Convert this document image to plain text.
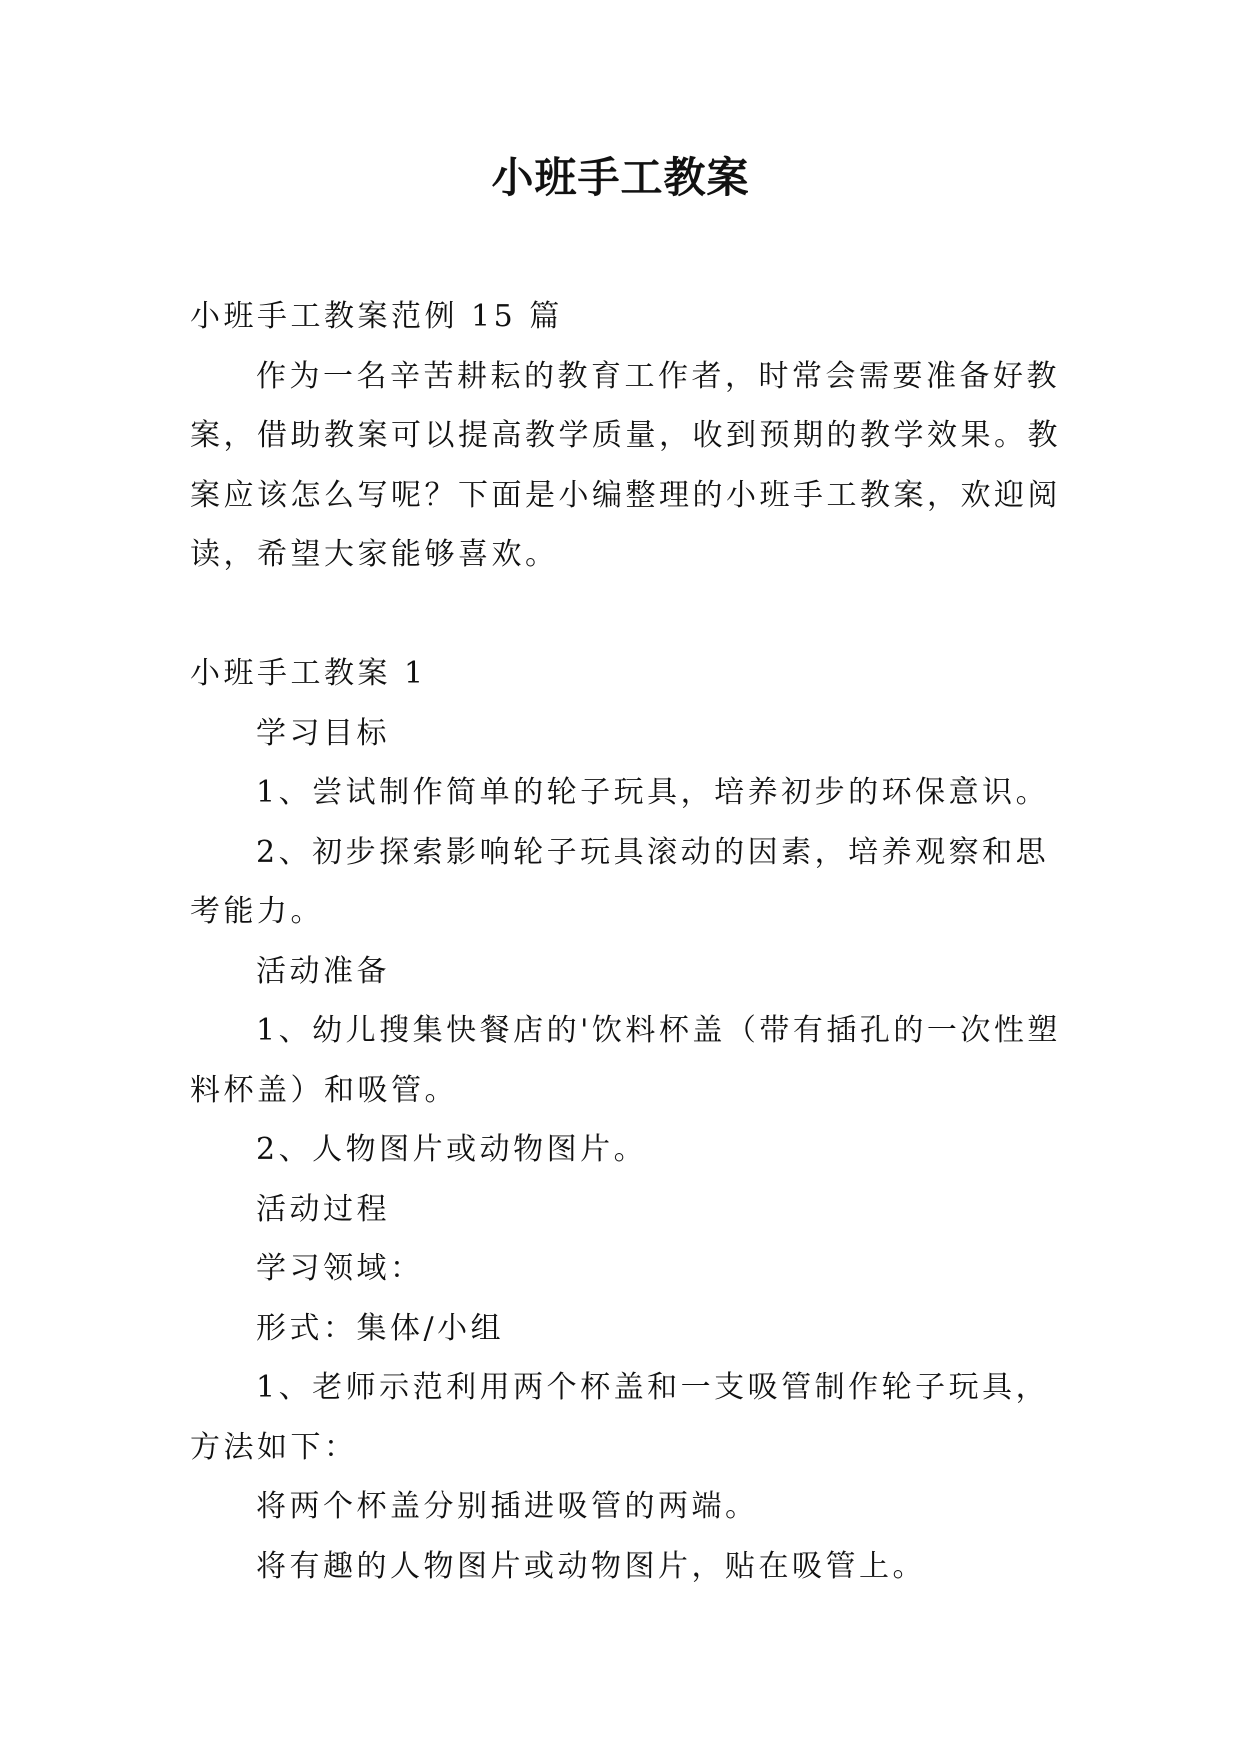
小班手工教案

小班手工教案范例 15 篇

作为一名辛苦耕耘的教育工作者，时常会需要准备好教

案，借助教案可以提高教学质量，收到预期的教学效果。教

案应该怎么写呢？下面是小编整理的小班手工教案，欢迎阅

读，希望大家能够喜欢。

小班手工教案 1

学习目标

1、尝试制作简单的轮子玩具，培养初步的环保意识。

2、初步探索影响轮子玩具滚动的因素，培养观察和思

考能力。

活动准备

1、幼儿搜集快餐店的'饮料杯盖（带有插孔的一次性塑

料杯盖）和吸管。

2、人物图片或动物图片。

活动过程

学习领域：

形式：集体/小组

1、老师示范利用两个杯盖和一支吸管制作轮子玩具，

方法如下：

将两个杯盖分别插进吸管的两端。

将有趣的人物图片或动物图片，贴在吸管上。
